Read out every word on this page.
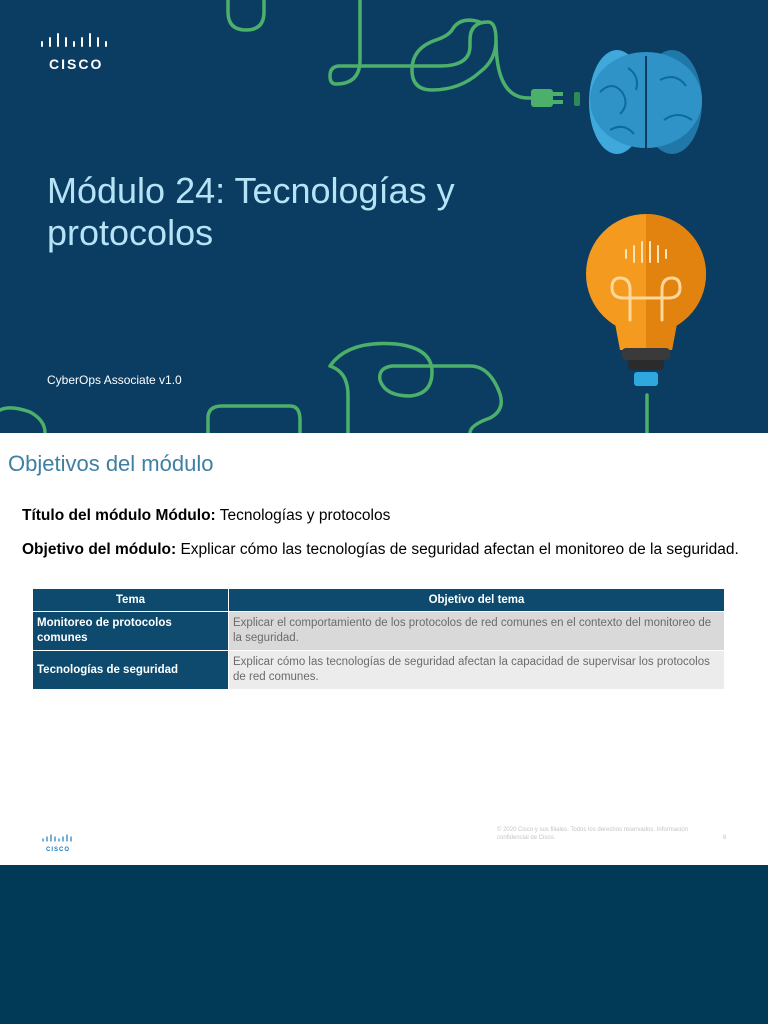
CISCO
Módulo 24: Tecnologías y protocolos
CyberOps Associate v1.0
Objetivos del módulo
Título del módulo Módulo: Tecnologías y protocolos
Objetivo del módulo: Explicar cómo las tecnologías de seguridad afectan el monitoreo de la seguridad.
Tema	Objetivo del tema
Monitoreo de protocolos comunes	Explicar el comportamiento de los protocolos de red comunes en el contexto del monitoreo de la seguridad.
Tecnologías de seguridad	Explicar cómo las tecnologías de seguridad afectan la capacidad de supervisar los protocolos de red comunes.
CISCO
© 2020 Cisco y sus filiales. Todos los derechos reservados. Información confidencial de Cisco.	8
